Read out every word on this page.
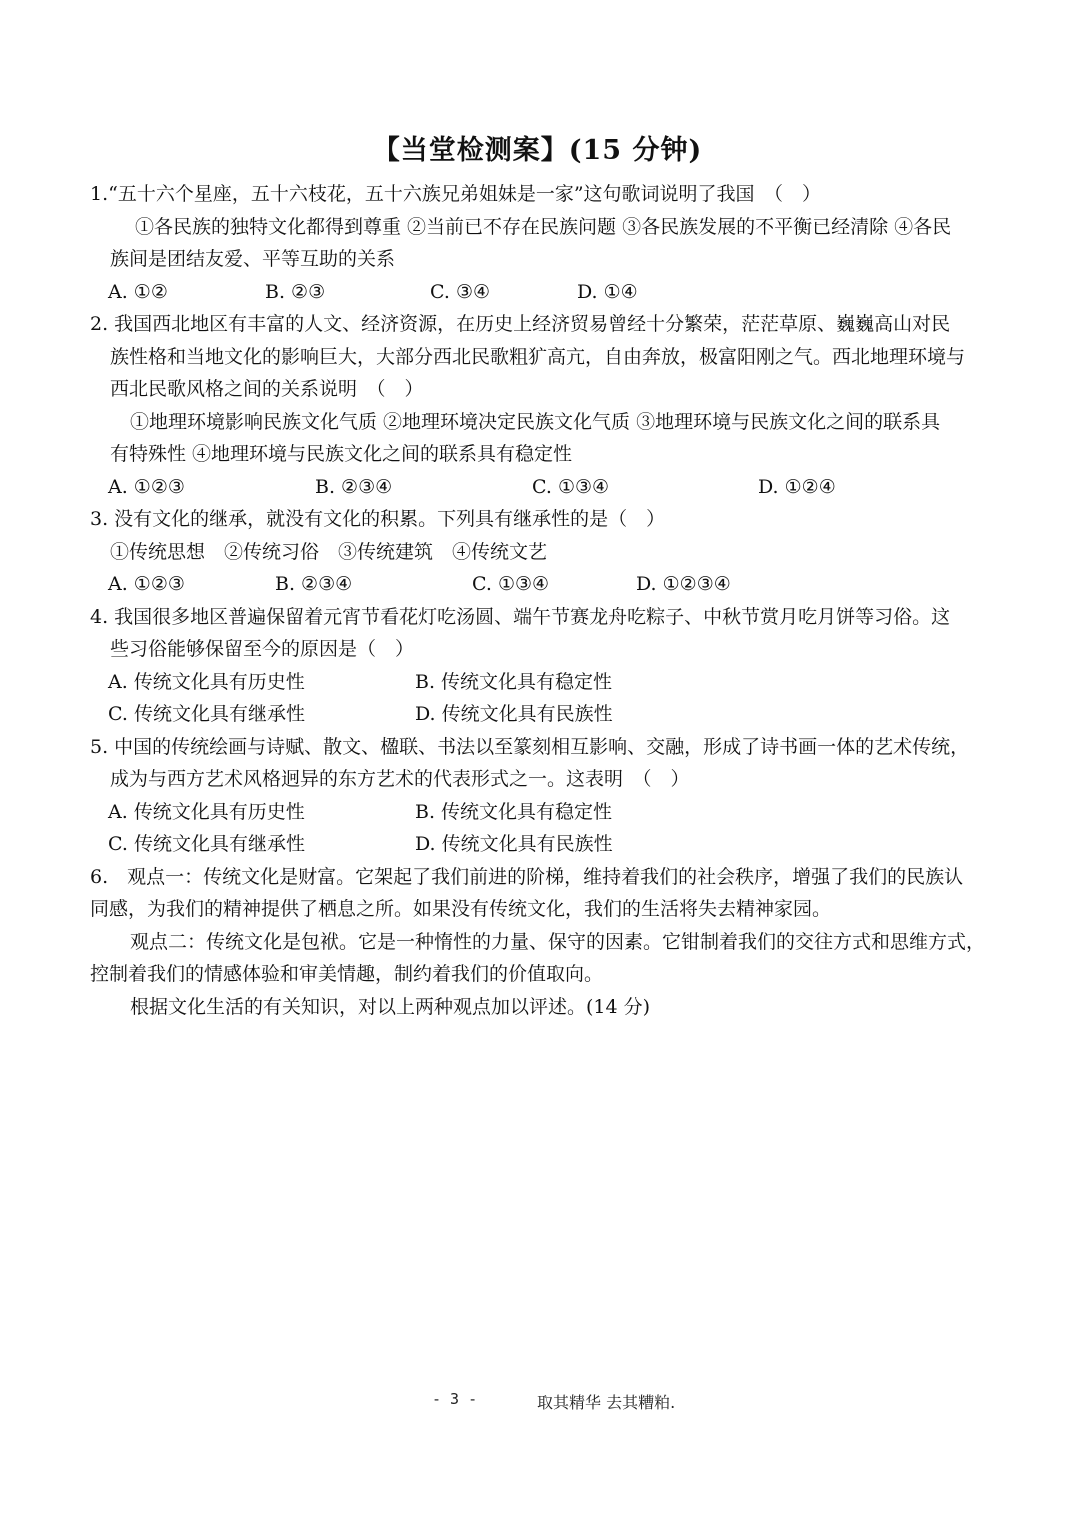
【当堂检测案】(15 分钟)
1.“五十六个星座，五十六枝花，五十六族兄弟姐妹是一家”这句歌词说明了我国　（　）
①各民族的独特文化都得到尊重 ②当前已不存在民族问题 ③各民族发展的不平衡已经清除 ④各民
族间是团结友爱、平等互助的关系
A. ①②	B. ②③	C. ③④	D. ①④
2. 我国西北地区有丰富的人文、经济资源，在历史上经济贸易曾经十分繁荣，茫茫草原、巍巍高山对民
族性格和当地文化的影响巨大，大部分西北民歌粗犷高亢，自由奔放，极富阳刚之气。西北地理环境与
西北民歌风格之间的关系说明　（　）
①地理环境影响民族文化气质 ②地理环境决定民族文化气质 ③地理环境与民族文化之间的联系具
有特殊性 ④地理环境与民族文化之间的联系具有稳定性
A. ①②③	B. ②③④	C. ①③④	D. ①②④
3. 没有文化的继承，就没有文化的积累。下列具有继承性的是（　）
①传统思想　②传统习俗　③传统建筑　④传统文艺
A. ①②③	B. ②③④	C. ①③④	D. ①②③④
4. 我国很多地区普遍保留着元宵节看花灯吃汤圆、端午节赛龙舟吃粽子、中秋节赏月吃月饼等习俗。这
些习俗能够保留至今的原因是（　）
A. 传统文化具有历史性	B. 传统文化具有稳定性
C. 传统文化具有继承性	D. 传统文化具有民族性
5. 中国的传统绘画与诗赋、散文、楹联、书法以至篆刻相互影响、交融，形成了诗书画一体的艺术传统，
成为与西方艺术风格迥异的东方艺术的代表形式之一。这表明　（　）
A. 传统文化具有历史性	B. 传统文化具有稳定性
C. 传统文化具有继承性	D. 传统文化具有民族性
6.　观点一：传统文化是财富。它架起了我们前进的阶梯，维持着我们的社会秩序，增强了我们的民族认
同感，为我们的精神提供了栖息之所。如果没有传统文化，我们的生活将失去精神家园。
观点二：传统文化是包袱。它是一种惰性的力量、保守的因素。它钳制着我们的交往方式和思维方式，
控制着我们的情感体验和审美情趣，制约着我们的价值取向。
根据文化生活的有关知识，对以上两种观点加以评述。(14 分)
- 3 -	取其精华 去其糟粕.
